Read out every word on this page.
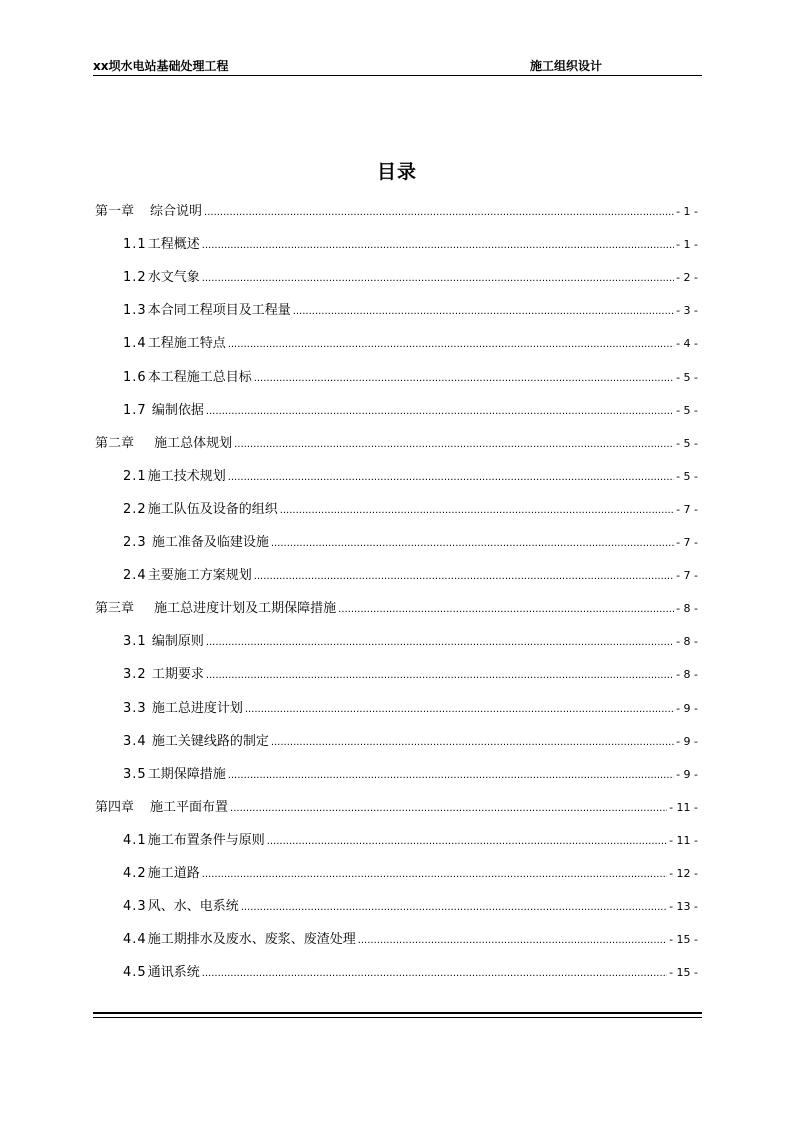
xx坝水电站基础处理工程	施工组织设计
目录
第一章 综合说明 .....	- 1 -
1.1工程概述 .....	- 1 -
1.2水文气象 .....	- 2 -
1.3本合同工程项目及工程量 .....	- 3 -
1.4工程施工特点 .....	- 4 -
1.6本工程施工总目标 .....	- 5 -
1.7 编制依据 .....	- 5 -
第二章 施工总体规划 .....	- 5 -
2.1施工技术规划 .....	- 5 -
2.2施工队伍及设备的组织 .....	- 7 -
2.3 施工准备及临建设施 .....	- 7 -
2.4主要施工方案规划 .....	- 7 -
第三章 施工总进度计划及工期保障措施 .....	- 8 -
3.1 编制原则 .....	- 8 -
3.2 工期要求 .....	- 8 -
3.3 施工总进度计划 .....	- 9 -
3.4 施工关键线路的制定 .....	- 9 -
3.5工期保障措施 .....	- 9 -
第四章 施工平面布置 .....	- 11 -
4.1施工布置条件与原则 .....	- 11 -
4.2施工道路 .....	- 12 -
4.3风、水、电系统 .....	- 13 -
4.4施工期排水及废水、废浆、废渣处理 .....	- 15 -
4.5通讯系统 .....	- 15 -
